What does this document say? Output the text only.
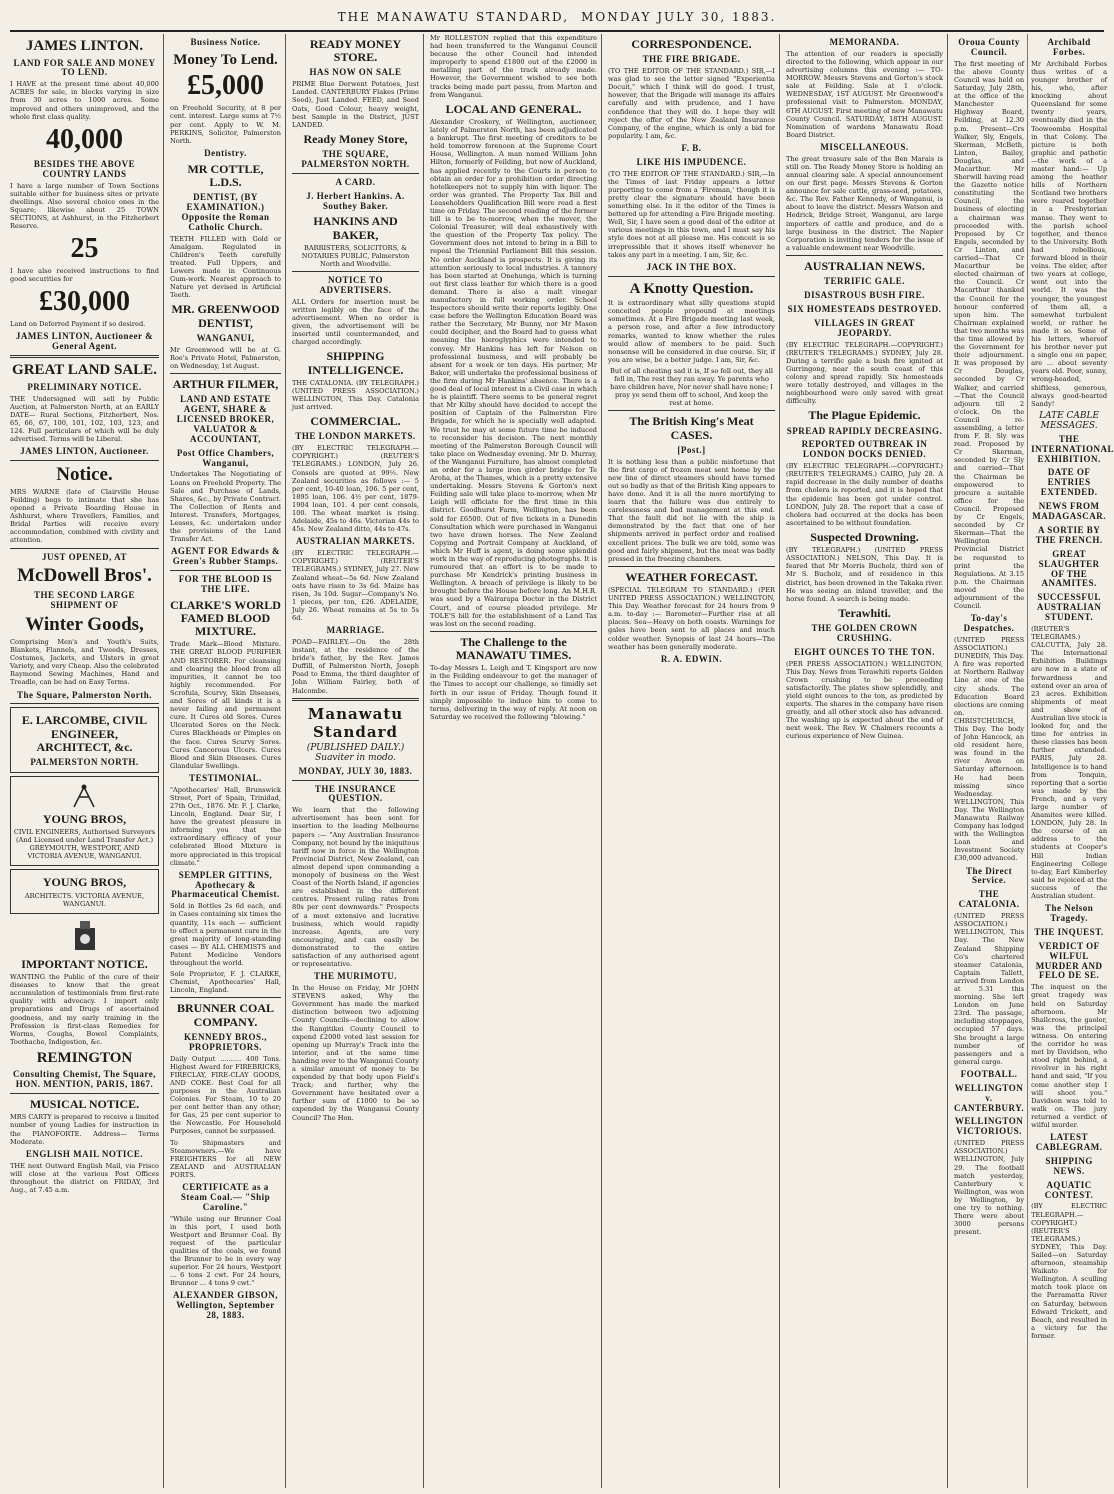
THE MANAWATU STANDARD, MONDAY JULY 30, 1883.
JAMES LINTON.
LAND FOR SALE AND MONEY TO LEND.

I HAVE at the present time about 40,000 ACRES for sale, in blocks varying in size from 30 acres to 1000 acres. Some improved and others unimproved, and the whole first class quality.

40,000
BESIDES THE ABOVE COUNTRY LANDS

I have a large number of Town Sections suitable either for business sites or private dwellings. Also several choice ones in the Square; likewise about 25 TOWN SECTIONS, at Ashhurst, in the Fitzherbert Reserve.

25

I have also received instructions to find good securities for

£30,000

Land on Deferred Payment if so desired.

JAMES LINTON, Auctioneer & General Agent.
GREAT LAND SALE.
PRELIMINARY NOTICE.

THE Undersigned will sell by Public Auction, at Palmerston North, at an EARLY DATE— Rural Sections, Fitzherbert, Nos. 65, 66, 67, 100, 101, 102, 103, 123, and 124. Full particulars of which will be duly advertised. Terms will be Liberal.

JAMES LINTON, Auctioneer.
Notice.

MRS WARNE (late of Clairville House Feilding) begs to intimate that she has opened a Private Boarding House in Ashhurst, where Travellers, Families, and Bridal Parties will receive every accommodation, combined with civility and attention.

JUST OPENED, AT
McDowell Bros'.
THE SECOND LARGE SHIPMENT OF
Winter Goods,

Comprising Men's and Youth's Suits, Blankets, Flannels, and Tweeds, Dresses, Costumes, Jackets, and Ulsters in great Variety, and very Cheap. Also the celebrated Raymond Sewing Machines, Hand and Treadle, can be had on Easy Terms.

The Square, Palmerston North.
E. LARCOMBE, CIVIL ENGINEER, ARCHITECT, &c.
PALMERSTON NORTH.
YOUNG BROS,

CIVIL ENGINEERS, Authorised Surveyors (And Licensed under Land Transfer Act.) GREYMOUTH, WESTPORT, AND VICTORIA AVENUE, WANGANUI.

YOUNG BROS,

ARCHITECTS. VICTORIA AVENUE, WANGANUI.

IMPORTANT NOTICE.

WANTING the Public of the cure of their diseases to know that the great accumulation of testimonials from first-rate quality with advocacy. I import only preparations and Drugs of ascertained goodness, and my early training in the Profession is first-class Remedies for Worms, Coughs, Bowel Complaints, Toothache, Indigestion, &c.

REMINGTON
Consulting Chemist, The Square, HON. MENTION, PARIS, 1867.
MUSICAL NOTICE.

MRS CARTY is prepared to receive a limited number of young Ladies for instruction in the PIANOFORTE. Address— Terms Moderate.

ENGLISH MAIL NOTICE.

THE next Outward English Mail, via Frisco will close at the various Post Offices throughout the district on FRIDAY, 3rd Aug., at 7.45 a.m.

Business Notice.
Money To Lend.
£5,000

on Freehold Security, at 8 per cent. interest. Large sums at 7½ per cent. Apply to W. M. PERKINS, Solicitor, Palmerston North.

Dentistry.
MR COTTLE, L.D.S.
DENTIST, (BY EXAMINATION.) Opposite the Roman Catholic Church.

TEETH FILLED with Gold or Amalgam. Regulated in Children's Teeth carefully treated. Full Uppers, and Lowers made in Continuous Gum-work. Nearest approach to Nature yet devised in Artificial Teeth.

MR. GREENWOOD DENTIST,
WANGANUI,

Mr Greenwood will be at G. Roe's Private Hotel, Palmerston, on Wednesday, 1st August.

ARTHUR FILMER,
LAND AND ESTATE AGENT, SHARE & LICENSED BROKER, VALUATOR & ACCOUNTANT,
Post Office Chambers, Wanganui,

Undertakes The Negotiating of Loans on Freehold Property. The Sale and Purchase of Lands, Shares, &c., by Private Contract. The Collection of Rents and Interest. Transfers, Mortgages, Leases, &c. undertaken under the provisions of the Land Transfer Act.

AGENT FOR Edwards & Green's Rubber Stamps.
FOR THE BLOOD IS THE LIFE.
CLARKE'S WORLD FAMED BLOOD MIXTURE.

Trade Mark—Blood Mixture. THE GREAT BLOOD PURIFIER AND RESTORER. For cleansing and clearing the blood from all impurities, it cannot be too highly recommended. For Scrofula, Scurvy, Skin Diseases, and Sores of all kinds it is a never failing and permanent cure. It Cures old Sores. Cures Ulcerated Sores on the Neck. Cures Blackheads or Pimples on the face. Cures Scurvy Sores. Cures Cancerous Ulcers. Cures Blood and Skin Diseases. Cures Glandular Swellings.

TESTIMONIAL.

"Apothecaries' Hall, Brunswick Street, Port of Spain, Trinidad, 27th Oct., 1876. Mr. F. J. Clarke, Lincoln, England. Dear Sir, I have the greatest pleasure in informing you that the extraordinary efficacy of your celebrated Blood Mixture is more appreciated in this tropical climate."

SEMPLER GITTINS, Apothecary & Pharmaceutical Chemist.

Sold in Bottles 2s 6d each, and in Cases containing six times the quantity, 11s each — sufficient to effect a permanent cure in the great majority of long-standing cases — BY ALL CHEMISTS and Patent Medicine Vendors throughout the world.

Sole Proprietor, F. J. CLARKE, Chemist, Apothecaries' Hall, Lincoln, England.

BRUNNER COAL COMPANY.
KENNEDY BROS., PROPRIETORS.

Daily Output .......... 400 Tons. Highest Award for FIREBRICKS, FIRECLAY, FIRE-CLAY GOODS, AND COKE. Best Coal for all purposes in the Australian Colonies. For Steam, 10 to 20 per cent better than any other; for Gas, 25 per cent superior to the Newcastle. For Household Purposes, cannot be surpassed.

To Shipmasters and Steamowners.—We have FREIGHTERS for all NEW ZEALAND and AUSTRALIAN PORTS.

CERTIFICATE as a Steam Coal.— "Ship Caroline."

"While using our Brunner Coal in this port, I used both Westport and Brunner Coal. By request of the particular qualities of the coals, we found the Brunner to be in every way superior. For 24 hours, Westport ... 6 tons 2 cwt. For 24 hours, Brunner ... 4 tons 9 cwt."

ALEXANDER GIBSON, Wellington, September 28, 1883.
READY MONEY STORE.
HAS NOW ON SALE

PRIME Blue Derwent Potatoes, Just Landed. CANTERBURY Flakes (Prime Seed), Just Landed. FEED, and Seed Oats, Good Colour, heavy weight, best Sample in the District, JUST LANDED.

Ready Money Store,
THE SQUARE, PALMERSTON NORTH.
A CARD.
J. Herbert Hankins. A. Southey Baker.
HANKINS AND BAKER,

BARRISTERS, SOLICITORS, & NOTARIES PUBLIC, Palmerston North and Woodville.

NOTICE TO ADVERTISERS.

ALL Orders for insertion must be written legibly on the face of the advertisement. When no order is given, the advertisement will be inserted until countermanded, and charged accordingly.

SHIPPING INTELLIGENCE.

THE CATALONIA. (BY TELEGRAPH.) (UNITED PRESS ASSOCIATION.) WELLINGTON, This Day. Catalonia just arrived.

COMMERCIAL.
THE LONDON MARKETS.

(BY ELECTRIC TELEGRAPH.—COPYRIGHT.) (REUTER'S TELEGRAMS.) LONDON, July 26. Consols are quoted at 99½. New Zealand securities as follows :— 5 per cent, 10-40 loan, 106. 5 per cent, 1895 loan, 106. 4½ per cent, 1879-1904 loan, 101. 4 per cent consols, 100. The wheat market is rising. Adelaide, 45s to 46s. Victorian 44s to 45s. New Zealand ditto, 44s to 47s.

AUSTRALIAN MARKETS.

(BY ELECTRIC TELEGRAPH.—COPYRIGHT.) (REUTER'S TELEGRAMS.) SYDNEY, July 27. New Zealand wheat—5s 6d. New Zealand oats have risen to 3s 6d. Maize has risen, 3s 10d. Sugar—Company's No. 1 pieces, per ton, £26. ADELAIDE, July 26. Wheat remains at 5s to 5s 6d.

MARRIAGE.

POAD—FAIRLEY.—On the 28th instant, at the residence of the bride's father, by the Rev. James Duffill, of Palmerston North, Joseph Poad to Emma, the third daughter of John William Fairley, both of Halcombe.

Manawatu Standard
(PUBLISHED DAILY.) Suaviter in modo.
MONDAY, JULY 30, 1883.
THE INSURANCE QUESTION.

We learn that the following advertisement has been sent for insertion to the leading Melbourne papers :— "Any Australian Insurance Company, not bound by the iniquitous tariff now in force in the Wellington Provincial District, New Zealand, can almost depend upon commanding a monopoly of business on the West Coast of the North Island, if agencies are established in the different centres. Present ruling rates from 80s per cent downwards." Prospects of a most extensive and lucrative business, which would rapidly increase. Agents, are very encouraging, and can easily be demonstrated to the entire satisfaction of any authorised agent or representative.

THE MURIMOTU.

In the House on Friday, Mr JOHN STEVENS asked, Why the Government has made the marked distinction between two adjoining County Councils—declining to allow the Rangitikei County Council to expend £2000 voted last session for opening up Murray's Track into the interior, and at the same time handing over to the Wanganui County a similar amount of money to be expended by that body upon Field's Track; and further, why the Government have hesitated over a further sum of £1000 to be so expended by the Wanganui County Council? The Hon.

Mr ROLLESTON replied that this expenditure had been transferred to the Wanganui Council because the other Council had intended improperly to spend £1800 out of the £2000 in metalling part of the track already made. However, the Government wished to see both tracks being made part passu, from Marton and from Wanganui.

LOCAL AND GENERAL.

Alexander Croskery, of Wellington, auctioneer, lately of Palmerston North, has been adjudicated a bankrupt. The first meeting of creditors to be held tomorrow forenoon at the Supreme Court House, Wellington. A man named William John Hilton, formerly of Feilding, but now of Auckland, has applied recently to the Courts in person to obtain an order for a prohibition order directing hotelkeepers not to supply him with liquor. The order was granted. The Property Tax Bill and Leaseholders Qualification Bill were read a first time on Friday. The second reading of the former bill is to be to-morrow, when the mover, the Colonial Treasurer, will deal exhaustively with the question of the Property Tax policy. The Government does not intend to bring in a Bill to repeal the Triennial Parliament Bill this session. No order Auckland is prospects. It is giving its attention seriously to local industries. A tannery has been started at Onehunga, which is turning out first class leather for which there is a good demand. There is also a malt vinegar manufactory in full working order. School Inspectors should write their reports legibly. One case before the Wellington Education Board was rather the Secretary, Mr Bunny, nor Mr Mason could decipher, and the Board had to guess what meaning the hieroglyphics were intended to convey. Mr Hankins has left for Nelson on professional business, and will probably be absent for a week or ten days. His partner, Mr Baker, will undertake the professional business of the firm during Mr Hankins' absence. There is a good deal of local interest in a Civil case in which he is plaintiff. There seems to be general regret that Mr Kilby should have decided to accept the position of Captain of the Palmerston Fire Brigade, for which he is specially well adapted. We trust he may at some future time be induced to reconsider his decision. The next monthly meeting of the Palmerston Borough Council will take place on Wednesday evening. Mr D. Murray, of the Wanganui Furniture, has almost completed an order for a large iron girder bridge for Te Aroha, at the Thames, which is a pretty extensive undertaking. Messrs Stevens & Gorton's next Feilding sale will take place to-morrow, when Mr Leigh will officiate for the first time in this district. Goodhurst Farm, Wellington, has been sold for £6500. Out of five tickets in a Dunedin Consultation which were purchased in Wanganui two have drawn horses. The New Zealand Copying and Portrait Company at Auckland, of which Mr Huff is agent, is doing some splendid work in the way of reproducing photographs. It is rumoured that an effort is to be made to purchase Mr Kendrick's printing business in Wellington. A breach of privilege is likely to be brought before the House before long. An M.H.R. was sued by a Wairarapa Doctor in the District Court, and of course pleaded privilege. Mr TOLE'S bill for the establishment of a Land Tax was lost on the second reading.

The Challenge to the MANAWATU TIMES.

To-day Messrs L. Leigh and T. Kingsport are now in the Feilding endeavour to get the manager of the Times to accept our challenge, so timidly set forth in our issue of Friday. Though found it simply impossible to induce him to come to terms, delivering in the way of reply. At noon on Saturday we received the following "blowing."

CORRESPONDENCE.
THE FIRE BRIGADE.

(TO THE EDITOR OF THE STANDARD.) SIR,—I was glad to see the letter signed "Experientia Docuit," which I think will do good. I trust, however, that the Brigade will manage its affairs carefully and with prudence, and I have confidence that they will do. I hope they will reject the offer of the New Zealand Insurance Company, of the engine, which is only a bid for popularity. I am, &c.

F. B.
LIKE HIS IMPUDENCE.

(TO THE EDITOR OF THE STANDARD.) SIR,—In the Times of last Friday appears a letter purporting to come from a 'Fireman,' though it is pretty clear the signature should have been something else. In it the editor of the Times is bettered up for attending a Fire Brigade meeting. Well, Sir, I have seen a good deal of the editor at various meetings in this town, and I must say his style does not at all please me. His conceit is so irrepressible that it shows itself whenever he takes any part in a meeting. I am, Sir, &c.

JACK IN THE BOX.
A Knotty Question.

It is extraordinary what silly questions stupid conceited people propound at meetings sometimes. At a Fire Brigade meeting last week, a person rose, and after a few introductory remarks, wanted to know whether the rules would allow of members to be paid. Such nonsense will be considered in due course. Sir, if you are wise, be a better judge. I am, Sir, &c.

But of all cheating sad it is, If so fell out, they all fell in, The rest they ran away. Ye parents who have children have, Nor never shall have none; I pray ye send them off to school, And keep the rest at home.

The British King's Meat CASES.
[Post.]

It is nothing less than a public misfortune that the first cargo of frozen meat sent home by the new line of direct steamers should have turned out so badly as that of the British King appears to have done. And it is all the more mortifying to learn that the failure was due entirely to carelessness and bad management at this end. That the fault did not lie with the ship is demonstrated by the fact that one of her shipments arrived in perfect order and realised excellent prices. The bulk we are told, some was good and fairly shipment, but the meat was badly pressed in the freezing chambers.

WEATHER FORECAST.

(SPECIAL TELEGRAM TO STANDARD.) (PER UNITED PRESS ASSOCIATION.) WELLINGTON, This Day. Weather forecast for 24 hours from 9 a.m. to-day :— Barometer—Further rise at all places. Sea—Heavy on both coasts. Warnings for gales have been sent to all places and much colder weather. Synopsis of last 24 hours—The weather has been generally moderate.

R. A. EDWIN.
MEMORANDA.

The attention of our readers is specially directed to the following, which appear in our advertising columns this evening :— TO-MORROW. Messrs Stevens and Gorton's stock sale at Feilding. Sale at 1 o'clock. WEDNESDAY, 1ST AUGUST. Mr Greenwood's professional visit to Palmerston. MONDAY, 6TH AUGUST. First meeting of new Manawatu County Council. SATURDAY, 18TH AUGUST. Nomination of wardens Manawatu Road Board District.

MISCELLANEOUS.

The great treasure sale of the Ben Marais is still on. The Ready Money Store is holding an annual clearing sale. A special announcement on our first page. Messrs Stevens & Gorton announce for sale cattle, grass-seed, potatoes, &c. The Rev. Father Kennedy, of Wanganui, is about to leave the district. Messrs Watson and Hedrick, Bridge Street, Wanganui, are large importers of cattle and produce, and do a large business in the district. The Napier Corporation is inviting tenders for the issue of a valuable endowment near Woodville.

AUSTRALIAN NEWS.
TERRIFIC GALE.
DISASTROUS BUSH FIRE.
SIX HOMESTEADS DESTROYED.
VILLAGES IN GREAT JEOPARDY.

(BY ELECTRIC TELEGRAPH.—COPYRIGHT.) (REUTER'S TELEGRAMS.) SYDNEY, July 28. During a terrific gale a bush fire ignited at Gurringong, near the south coast of this colony and spread rapidly. Six homesteads were totally destroyed, and villages in the neighbourhood were only saved with great difficulty.

The Plague Epidemic.
SPREAD RAPIDLY DECREASING.
REPORTED OUTBREAK IN LONDON DOCKS DENIED.

(BY ELECTRIC TELEGRAPH.—COPYRIGHT.) (REUTER'S TELEGRAMS.) CAIRO, July 28. A rapid decrease in the daily number of deaths from cholera is reported, and it is hoped that the epidemic has been got under control. LONDON, July 28. The report that a case of cholera had occurred at the docks has been ascertained to be without foundation.

Suspected Drowning.

(BY TELEGRAPH.) (UNITED PRESS ASSOCIATION.) NELSON, This Day. It is feared that Mr Morris Bucholz, third son of Mr S. Bucholz, and of residence in this district, has been drowned in the Takaka river. He was seeing an inland traveller, and the horse found. A search is being made.

Terawhiti.
THE GOLDEN CROWN CRUSHING.
EIGHT OUNCES TO THE TON.

(PER PRESS ASSOCIATION.) WELLINGTON, This Day. News from Terawhiti reports Golden Crown crushing to be proceeding satisfactorily. The plates show splendidly, and yield eight ounces to the ton, as predicted by experts. The shares in the company have risen greatly, and all other stock also has advanced. The washing up is expected about the end of next week. The Rev. W. Chalmers recounts a curious experience of New Guinea.

Oroua County Council.

The first meeting of the above County Council was held on Saturday, July 28th, at the office of the Manchester Highway Board, Feilding, at 12.30 p.m. Present—Crs Walker, Sly, Engels, Skerman, McBeth, Linton, Bailey, Douglas, and Macarthur. Mr Sherwill having read the Gazette notice constituting the Council, the business of electing a chairman was proceeded with. Proposed by Cr Engels, seconded by Cr Linton, and carried—That Cr Macarthur be elected chairman of the Council. Cr Macarthur thanked the Council for the honour conferred upon him. The Chairman explained that two months was the time allowed by the Government for their adjournment. It was proposed by Cr Douglas, seconded by Cr Walker, and carried—That the Council adjourn till 2 o'clock. On the Council re-assembling, a letter from F. B. Sly was read. Proposed by Cr Skerman, seconded by Cr Sly and carried—That the Chairman be empowered to procure a suitable office for the Council. Proposed by Cr Engels, seconded by Cr Skerman—That the Wellington Provincial District be requested to print the Regulations. At 3.15 p.m. the Chairman moved the adjournment of the Council.

To-day's Despatches.

(UNITED PRESS ASSOCIATION.) DUNEDIN, This Day. A fire was reported at Northern Railway Line at one of the city sheds. The Education Board elections are coming on. CHRISTCHURCH, This Day. The body of John Hancock, an old resident here, was found in the river Avon on Saturday afternoon. He had been missing since Wednesday. WELLINGTON, This Day. The Wellington Manawatu Railway Company has lodged with the Wellington Loan and Investment Society £30,000 advanced.

The Direct Service.
THE CATALONIA.

(UNITED PRESS ASSOCIATION.) WELLINGTON, This Day. The New Zealand Shipping Co's chartered steamer Catalonia, Captain Tallett, arrived from London at 5.31 this morning. She left London on June 23rd. The passage, including stoppages, occupied 57 days. She brought a large number of passengers and a general cargo.

FOOTBALL.
WELLINGTON v. CANTERBURY.
WELLINGTON VICTORIOUS.

(UNITED PRESS ASSOCIATION.) WELLINGTON, July 29. The football match yesterday, Canterbury v. Wellington, was won by Wellington, by one try to nothing. There were about 3000 persons present.

Archibald Forbes.

Mr Archibald Forbes thus writes of a younger brother of his, who, after knocking about Queensland for some twenty years, eventually died in the Toowoomba Hospital in that Colony. The picture is both graphic and pathetic —the work of a master hand:— Up among the heather hills of Northern Scotland two brothers were reared together in a Presbyterian manse. They went to the parish school together, and thence to the University. Both had rebellious, forward blood in their veins. The elder, after two years at college, went out into the world. It was the younger, the youngest of them all, a somewhat turbulent world, or rather he made it so. Some of his letters, whereof his brother never put a single one on paper, are ... about seventy years old. Poor, sunny, wrong-headed, shiftless, generous, always good-hearted Sandy!

LATE CABLE MESSAGES.
THE INTERNATIONAL EXHIBITION.
DATE OF ENTRIES EXTENDED.
NEWS FROM MADAGASCAR.
A SORTIE BY THE FRENCH.
GREAT SLAUGHTER OF THE ANAMITES.
SUCCESSFUL AUSTRALIAN STUDENT.

(REUTER'S TELEGRAMS.) CALCUTTA, July 28. The International Exhibition Buildings are now in a state of forwardness and extend over an area of 23 acres. Exhibition shipments of meat and show of Australian live stock is looked for, and the time for entries in these classes has been further extended. PARIS, July 28. Intelligence is to hand from Tonquin, reporting that a sortie was made by the French, and a very large number of Anamites were killed. LONDON, July 28. In the course of an address to the students at Cooper's Hill Indian Engineering College to-day, Earl Kimberley said he rejoiced at the success of the Australian student.

The Nelson Tragedy.
THE INQUEST.
VERDICT OF WILFUL MURDER AND FELO DE SE.

The inquest on the great tragedy was held on Saturday afternoon. Mr Shallcross, the gaoler, was the principal witness. On entering the corridor he was met by Davidson, who stood right behind, a revolver in his right hand and said, "If you come another step I will shoot you." Davidson was told to walk on. The jury returned a verdict of wilful murder.

LATEST CABLEGRAM.
SHIPPING NEWS.
AQUATIC CONTEST.

(BY ELECTRIC TELEGRAPH.—COPYRIGHT.) (REUTER'S TELEGRAMS.) SYDNEY, This Day. Sailed—on Saturday afternoon, steamship Waikato for Wellington. A sculling match took place on the Parramatta River on Saturday, between Edward Trickett, and Beach, and resulted in a victory for the former.
